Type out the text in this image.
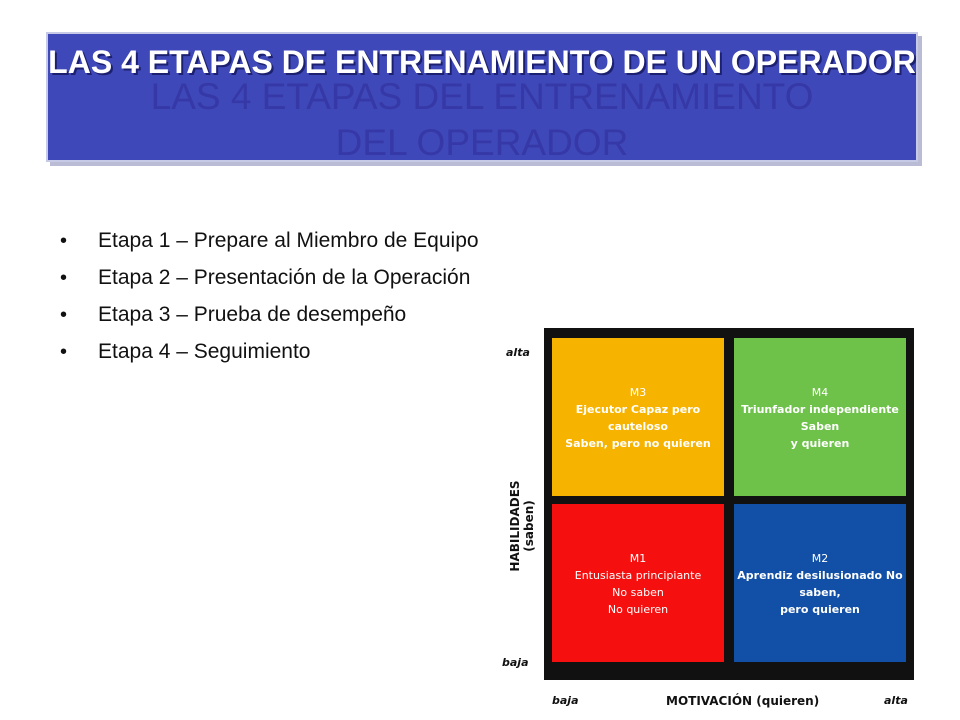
LAS 4 ETAPAS DEL ENTRENAMIENTO
DEL OPERADOR
LAS 4 ETAPAS DE ENTRENAMIENTO DE UN OPERADOR
• Etapa 1 – Prepare al Miembro de Equipo
• Etapa 2 – Presentación de la Operación
• Etapa 3 – Prueba de desempeño
• Etapa 4 – Seguimiento
HABILIDADES (saben)
alta
baja
M3
Ejecutor Capaz pero
cauteloso
Saben, pero no quieren
M4
Triunfador independiente
Saben
y quieren
M1
Entusiasta principiante
No saben
No quieren
M2
Aprendiz desilusionado No
saben,
pero quieren
baja	MOTIVACIÓN (quieren)	alta
